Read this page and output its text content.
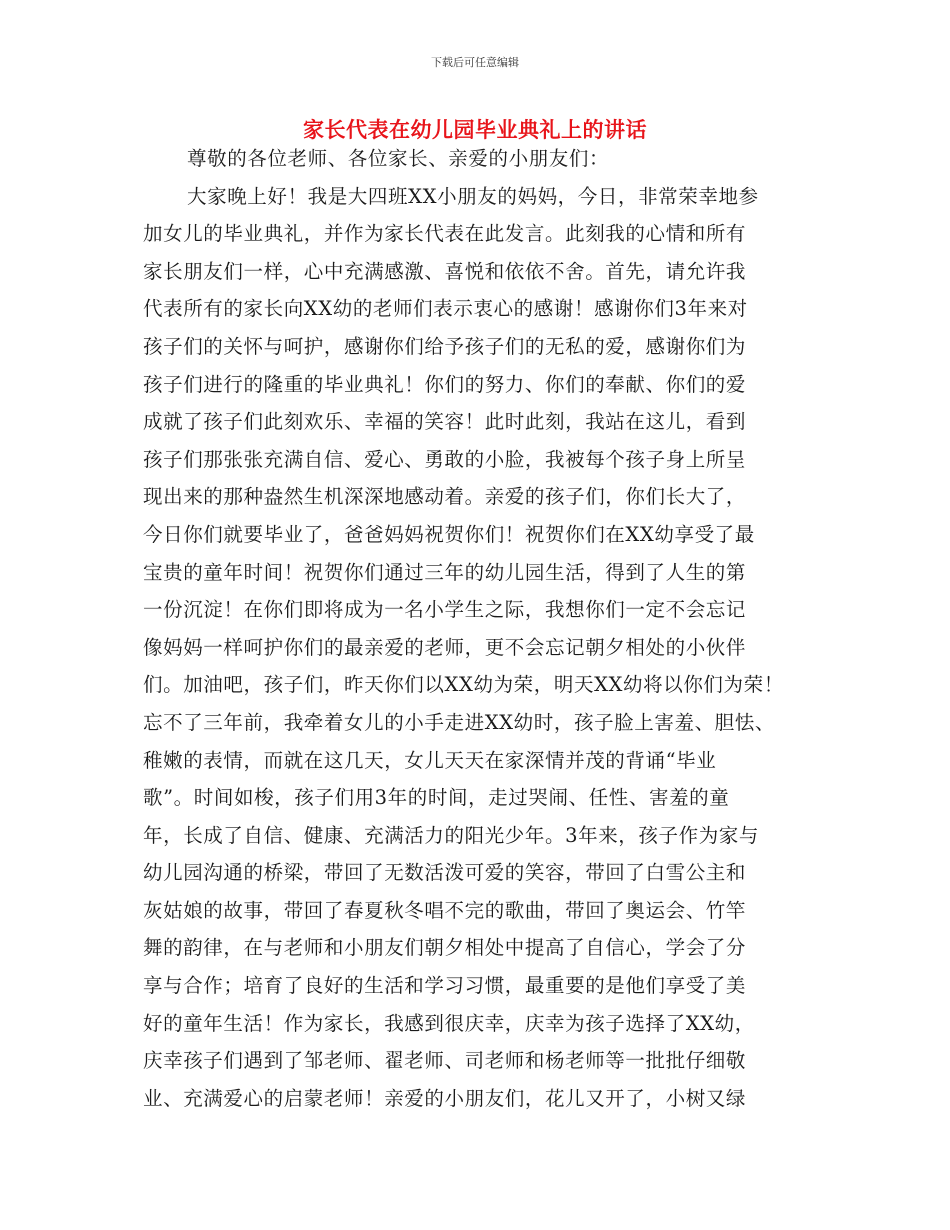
下载后可任意编辑
家长代表在幼儿园毕业典礼上的讲话
尊敬的各位老师、各位家长、亲爱的小朋友们：
大家晚上好！我是大四班XX小朋友的妈妈，今日，非常荣幸地参
加女儿的毕业典礼，并作为家长代表在此发言。此刻我的心情和所有
家长朋友们一样，心中充满感激、喜悦和依依不舍。首先，请允许我
代表所有的家长向XX幼的老师们表示衷心的感谢！感谢你们3年来对
孩子们的关怀与呵护，感谢你们给予孩子们的无私的爱，感谢你们为
孩子们进行的隆重的毕业典礼！你们的努力、你们的奉献、你们的爱
成就了孩子们此刻欢乐、幸福的笑容！此时此刻，我站在这儿，看到
孩子们那张张充满自信、爱心、勇敢的小脸，我被每个孩子身上所呈
现出来的那种盎然生机深深地感动着。亲爱的孩子们，你们长大了，
今日你们就要毕业了，爸爸妈妈祝贺你们！祝贺你们在XX幼享受了最
宝贵的童年时间！祝贺你们通过三年的幼儿园生活，得到了人生的第
一份沉淀！在你们即将成为一名小学生之际，我想你们一定不会忘记
像妈妈一样呵护你们的最亲爱的老师，更不会忘记朝夕相处的小伙伴
们。加油吧，孩子们，昨天你们以XX幼为荣，明天XX幼将以你们为荣！
忘不了三年前，我牵着女儿的小手走进XX幼时，孩子脸上害羞、胆怯、
稚嫩的表情，而就在这几天，女儿天天在家深情并茂的背诵“毕业
歌”。时间如梭，孩子们用3年的时间，走过哭闹、任性、害羞的童
年，长成了自信、健康、充满活力的阳光少年。3年来，孩子作为家与
幼儿园沟通的桥梁，带回了无数活泼可爱的笑容，带回了白雪公主和
灰姑娘的故事，带回了春夏秋冬唱不完的歌曲，带回了奥运会、竹竿
舞的韵律，在与老师和小朋友们朝夕相处中提高了自信心，学会了分
享与合作；培育了良好的生活和学习习惯，最重要的是他们享受了美
好的童年生活！作为家长，我感到很庆幸，庆幸为孩子选择了XX幼，
庆幸孩子们遇到了邹老师、翟老师、司老师和杨老师等一批批仔细敬
业、充满爱心的启蒙老师！亲爱的小朋友们，花儿又开了，小树又绿
